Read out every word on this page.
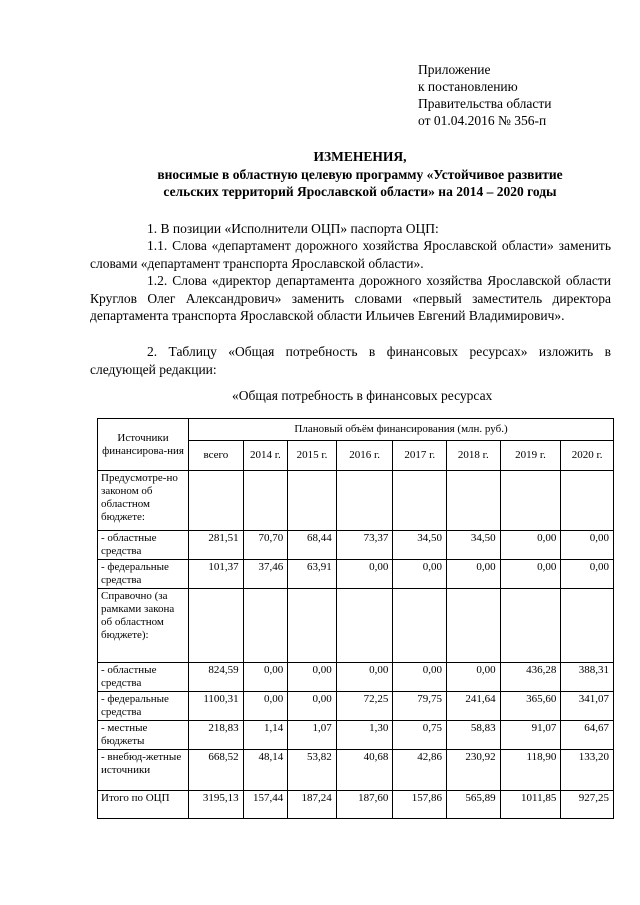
Приложение
к постановлению
Правительства области
от 01.04.2016 № 356-п
ИЗМЕНЕНИЯ,
вносимые в областную целевую программу «Устойчивое развитие
сельских территорий Ярославской области» на 2014 – 2020 годы
1. В позиции «Исполнители ОЦП» паспорта ОЦП:
1.1. Слова «департамент дорожного хозяйства Ярославской области» заменить словами «департамент транспорта Ярославской области».
1.2. Слова «директор департамента дорожного хозяйства Ярославской области Круглов Олег Александрович» заменить словами «первый заместитель директора департамента транспорта Ярославской области Ильичев Евгений Владимирович».
2. Таблицу «Общая потребность в финансовых ресурсах» изложить в следующей редакции:
«Общая потребность в финансовых ресурсах
Источники финансирова-ния	Плановый объём финансирования (млн. руб.)							
	всего	2014 г.	2015 г.	2016 г.	2017 г.	2018 г.	2019 г.	2020 г.
Предусмотре-но законом об областном бюджете:								
- областные средства	281,51	70,70	68,44	73,37	34,50	34,50	0,00	0,00
- федеральные средства	101,37	37,46	63,91	0,00	0,00	0,00	0,00	0,00
Справочно (за рамками закона об областном бюджете):								
- областные средства	824,59	0,00	0,00	0,00	0,00	0,00	436,28	388,31
- федеральные средства	1100,31	0,00	0,00	72,25	79,75	241,64	365,60	341,07
- местные бюджеты	218,83	1,14	1,07	1,30	0,75	58,83	91,07	64,67
- внебюд-жетные источники	668,52	48,14	53,82	40,68	42,86	230,92	118,90	133,20
Итого по ОЦП	3195,13	157,44	187,24	187,60	157,86	565,89	1011,85	927,25
